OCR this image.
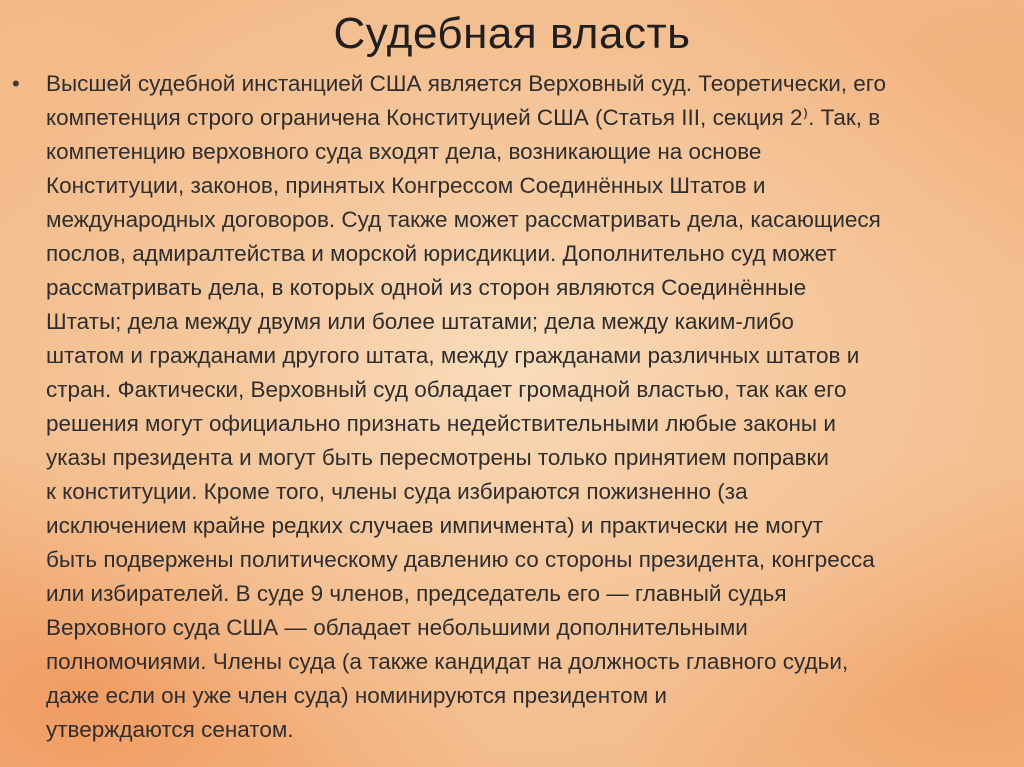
Судебная власть
•	Высшей судебной инстанцией США является Верховный суд. Теоретически, его
компетенция строго ограничена Конституцией США (Статья III, секция 2⁾. Так, в
компетенцию верховного суда входят дела, возникающие на основе
Конституции, законов, принятых Конгрессом Соединённых Штатов и
международных договоров. Суд также может рассматривать дела, касающиеся
послов, адмиралтейства и морской юрисдикции. Дополнительно суд может
рассматривать дела, в которых одной из сторон являются Соединённые
Штаты; дела между двумя или более штатами; дела между каким-либо
штатом и гражданами другого штата, между гражданами различных штатов и
стран. Фактически, Верховный суд обладает громадной властью, так как его
решения могут официально признать недействительными любые законы и
указы президента и могут быть пересмотрены только принятием поправки
к конституции. Кроме того, члены суда избираются пожизненно (за
исключением крайне редких случаев импичмента) и практически не могут
быть подвержены политическому давлению со стороны президента, конгресса
или избирателей. В суде 9 членов, председатель его — главный судья
Верховного суда США — обладает небольшими дополнительными
полномочиями. Члены суда (а также кандидат на должность главного судьи,
даже если он уже член суда) номинируются президентом и
утверждаются сенатом.
